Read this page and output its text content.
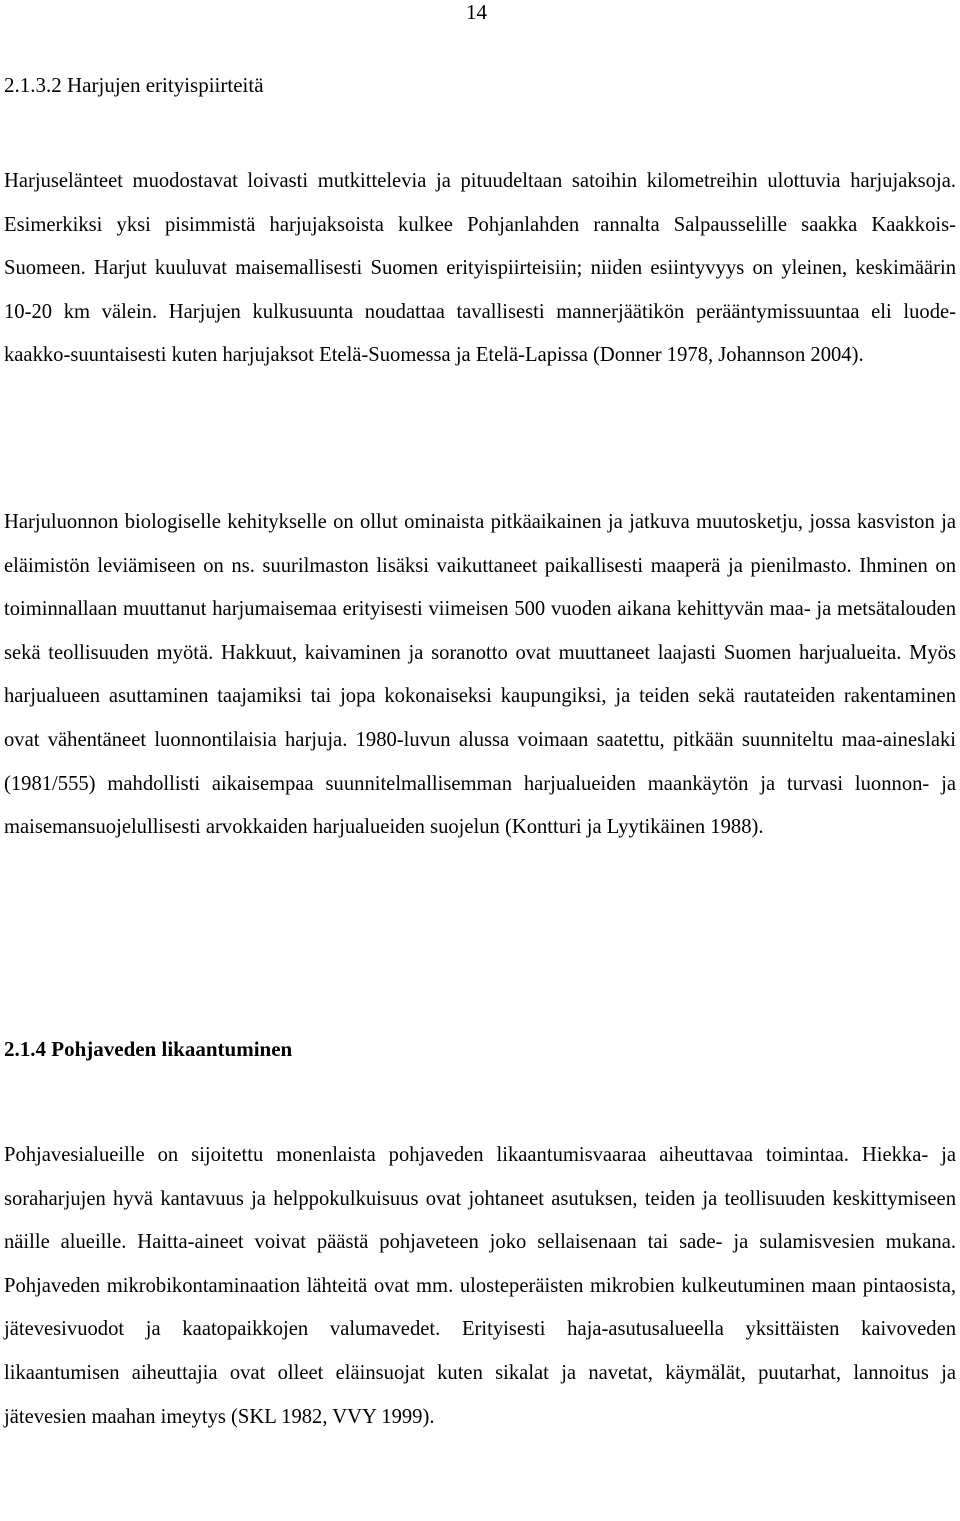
14
2.1.3.2 Harjujen erityispiirteitä

Harjuselänteet muodostavat loivasti mutkittelevia ja pituudeltaan satoihin kilometreihin ulottuvia harjujaksoja. Esimerkiksi yksi pisimmistä harjujaksoista kulkee Pohjanlahden rannalta Salpausselille saakka Kaakkois-Suomeen. Harjut kuuluvat maisemallisesti Suomen erityispiirteisiin; niiden esiintyvyys on yleinen, keskimäärin 10-20 km välein. Harjujen kulkusuunta noudattaa tavallisesti mannerjäätikön perääntymissuuntaa eli luode-kaakko-suuntaisesti kuten harjujaksot Etelä-Suomessa ja Etelä-Lapissa (Donner 1978, Johannson 2004).

Harjuluonnon biologiselle kehitykselle on ollut ominaista pitkäaikainen ja jatkuva muutosketju, jossa kasviston ja eläimistön leviämiseen on ns. suurilmaston lisäksi vaikuttaneet paikallisesti maaperä ja pienilmasto. Ihminen on toiminnallaan muuttanut harjumaisemaa erityisesti viimeisen 500 vuoden aikana kehittyvän maa- ja metsätalouden sekä teollisuuden myötä. Hakkuut, kaivaminen ja soranotto ovat muuttaneet laajasti Suomen harjualueita. Myös harjualueen asuttaminen taajamiksi tai jopa kokonaiseksi kaupungiksi, ja teiden sekä rautateiden rakentaminen ovat vähentäneet luonnontilaisia harjuja. 1980-luvun alussa voimaan saatettu, pitkään suunniteltu maa-aineslaki (1981/555) mahdollisti aikaisempaa suunnitelmallisemman harjualueiden maankäytön ja turvasi luonnon- ja maisemansuojelullisesti arvokkaiden harjualueiden suojelun (Kontturi ja Lyytikäinen 1988).

2.1.4 Pohjaveden likaantuminen

Pohjavesialueille on sijoitettu monenlaista pohjaveden likaantumisvaaraa aiheuttavaa toimintaa. Hiekka- ja soraharjujen hyvä kantavuus ja helppokulkuisuus ovat johtaneet asutuksen, teiden ja teollisuuden keskittymiseen näille alueille. Haitta-aineet voivat päästä pohjaveteen joko sellaisenaan tai sade- ja sulamisvesien mukana. Pohjaveden mikrobikontaminaation lähteitä ovat mm. ulosteperäisten mikrobien kulkeutuminen maan pintaosista, jätevesivuodot ja kaatopaikkojen valumavedet. Erityisesti haja-asutusalueella yksittäisten kaivoveden likaantumisen aiheuttajia ovat olleet eläinsuojat kuten sikalat ja navetat, käymälät, puutarhat, lannoitus ja jätevesien maahan imeytys (SKL 1982, VVY 1999).
